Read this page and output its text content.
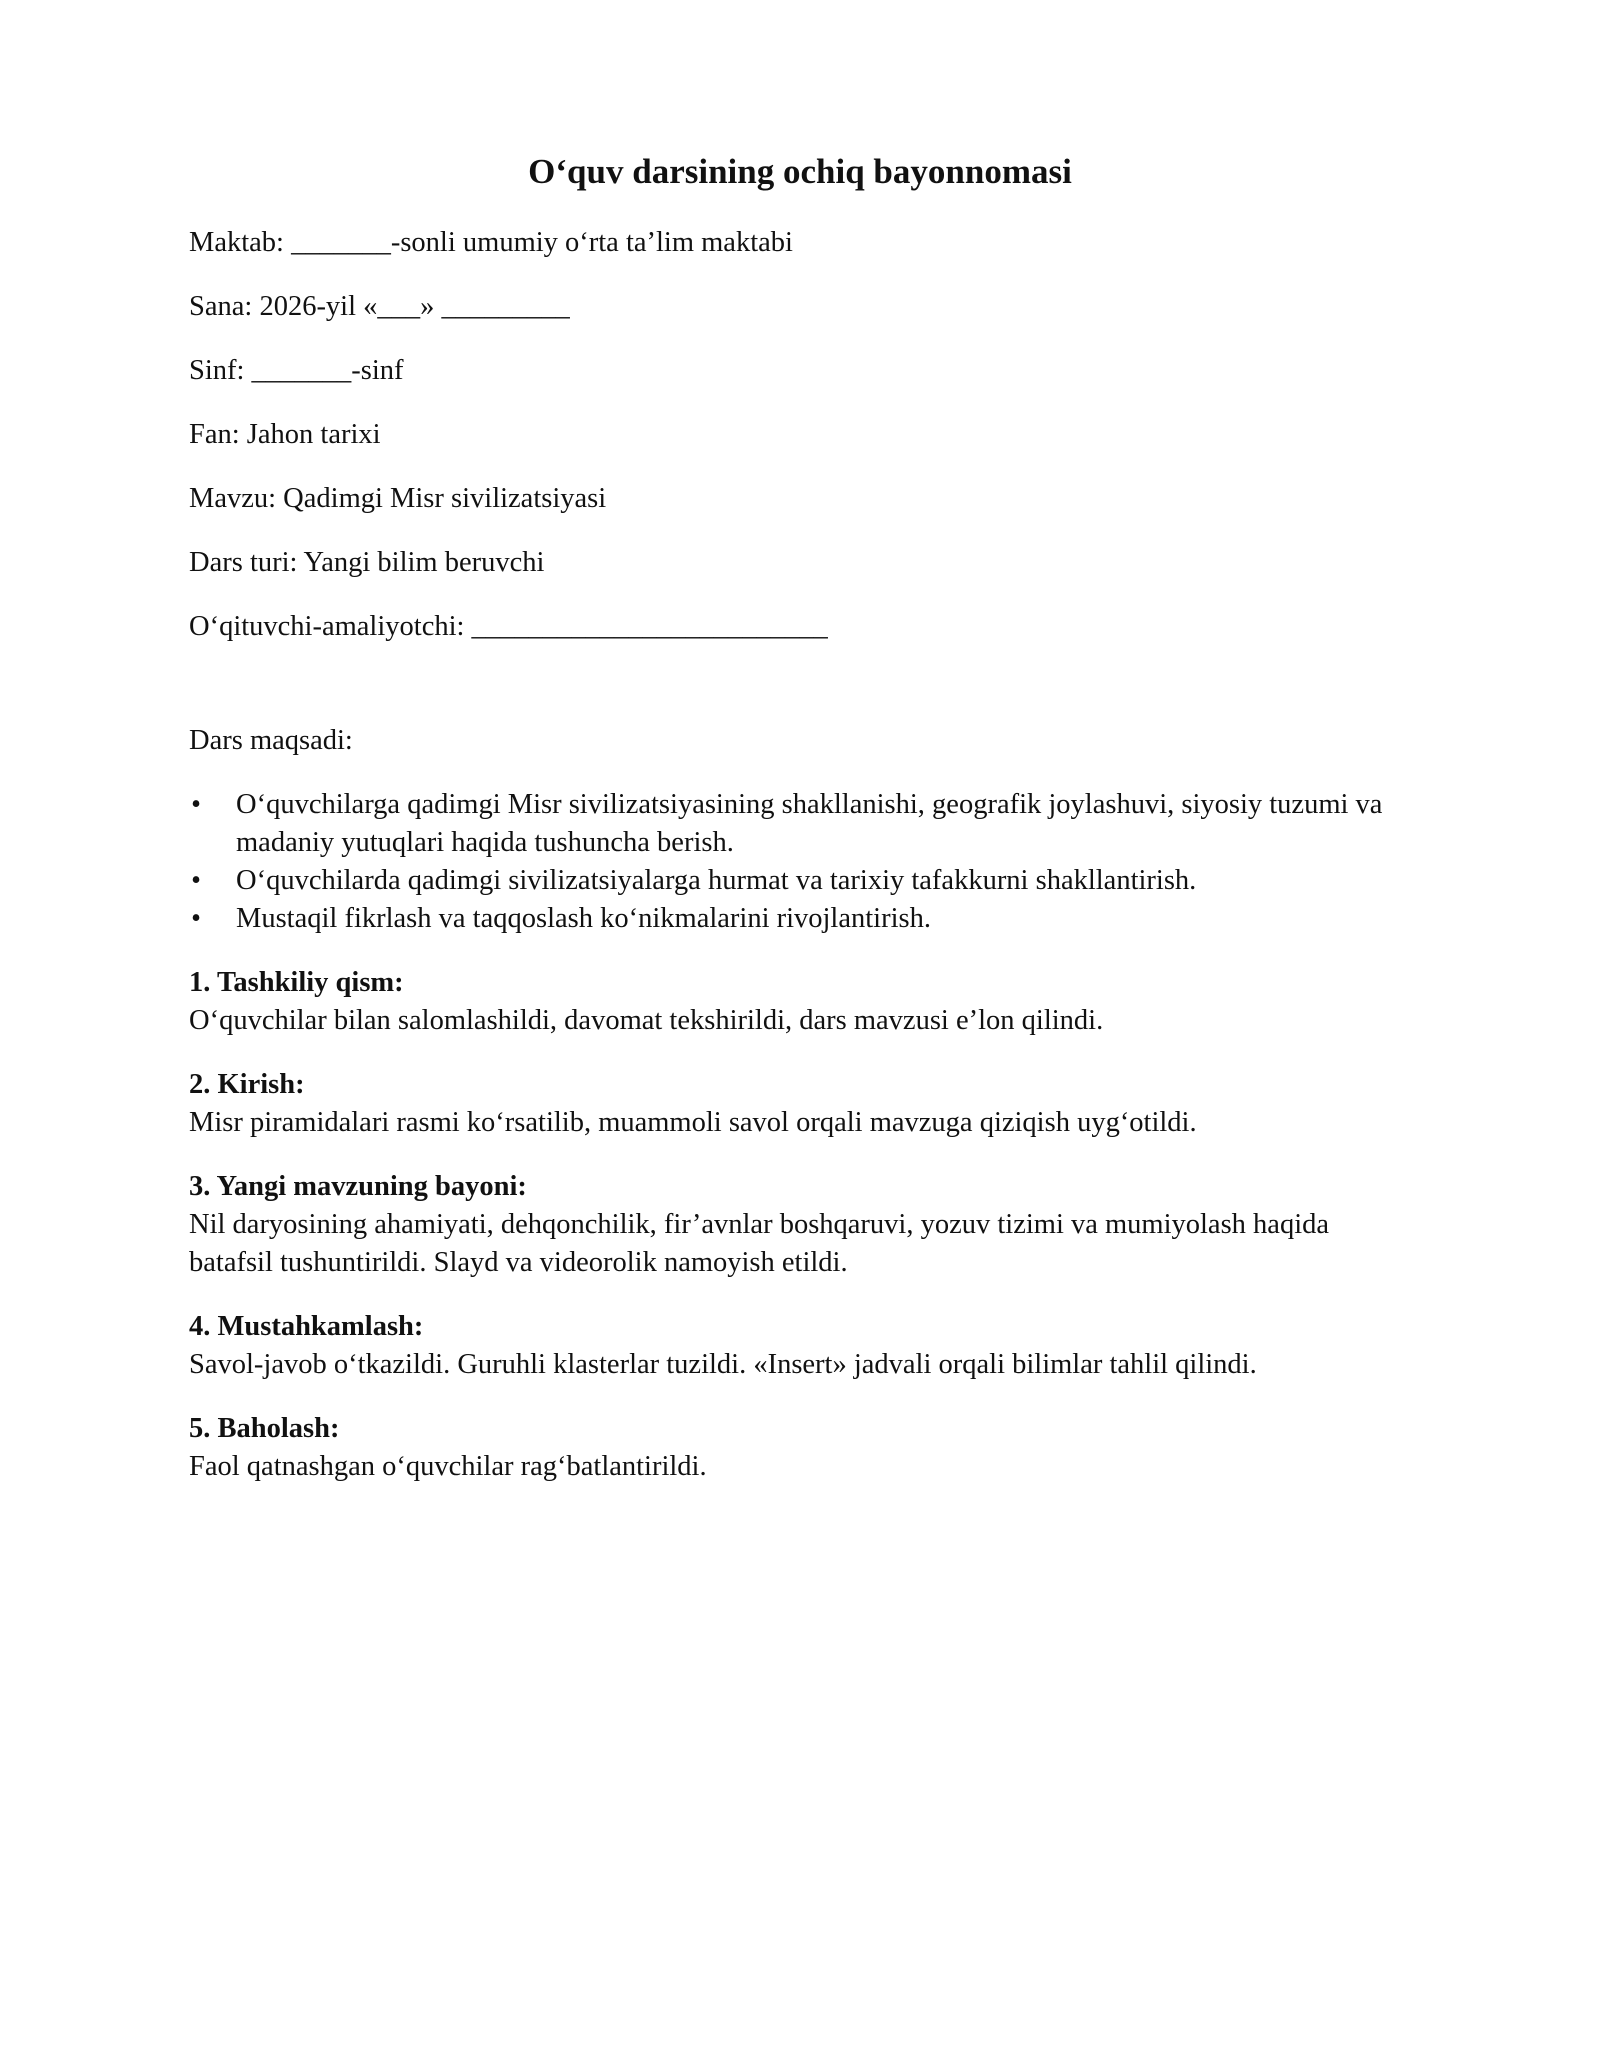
O‘quv darsining ochiq bayonnomasi
Maktab: _______-sonli umumiy o‘rta ta’lim maktabi
Sana: 2026-yil «___» _________
Sinf: _______-sinf
Fan: Jahon tarixi
Mavzu: Qadimgi Misr sivilizatsiyasi
Dars turi: Yangi bilim beruvchi
O‘qituvchi-amaliyotchi: _________________________
Dars maqsadi:
• O‘quvchilarga qadimgi Misr sivilizatsiyasining shakllanishi, geografik joylashuvi, siyosiy tuzumi va madaniy yutuqlari haqida tushuncha berish.
• O‘quvchilarda qadimgi sivilizatsiyalarga hurmat va tarixiy tafakkurni shakllantirish.
• Mustaqil fikrlash va taqqoslash ko‘nikmalarini rivojlantirish.
1. Tashkiliy qism:
O‘quvchilar bilan salomlashildi, davomat tekshirildi, dars mavzusi e’lon qilindi.
2. Kirish:
Misr piramidalari rasmi ko‘rsatilib, muammoli savol orqali mavzuga qiziqish uyg‘otildi.
3. Yangi mavzuning bayoni:
Nil daryosining ahamiyati, dehqonchilik, fir’avnlar boshqaruvi, yozuv tizimi va mumiyolash haqida batafsil tushuntirildi. Slayd va videorolik namoyish etildi.
4. Mustahkamlash:
Savol-javob o‘tkazildi. Guruhli klasterlar tuzildi. «Insert» jadvali orqali bilimlar tahlil qilindi.
5. Baholash:
Faol qatnashgan o‘quvchilar rag‘batlantirildi.
